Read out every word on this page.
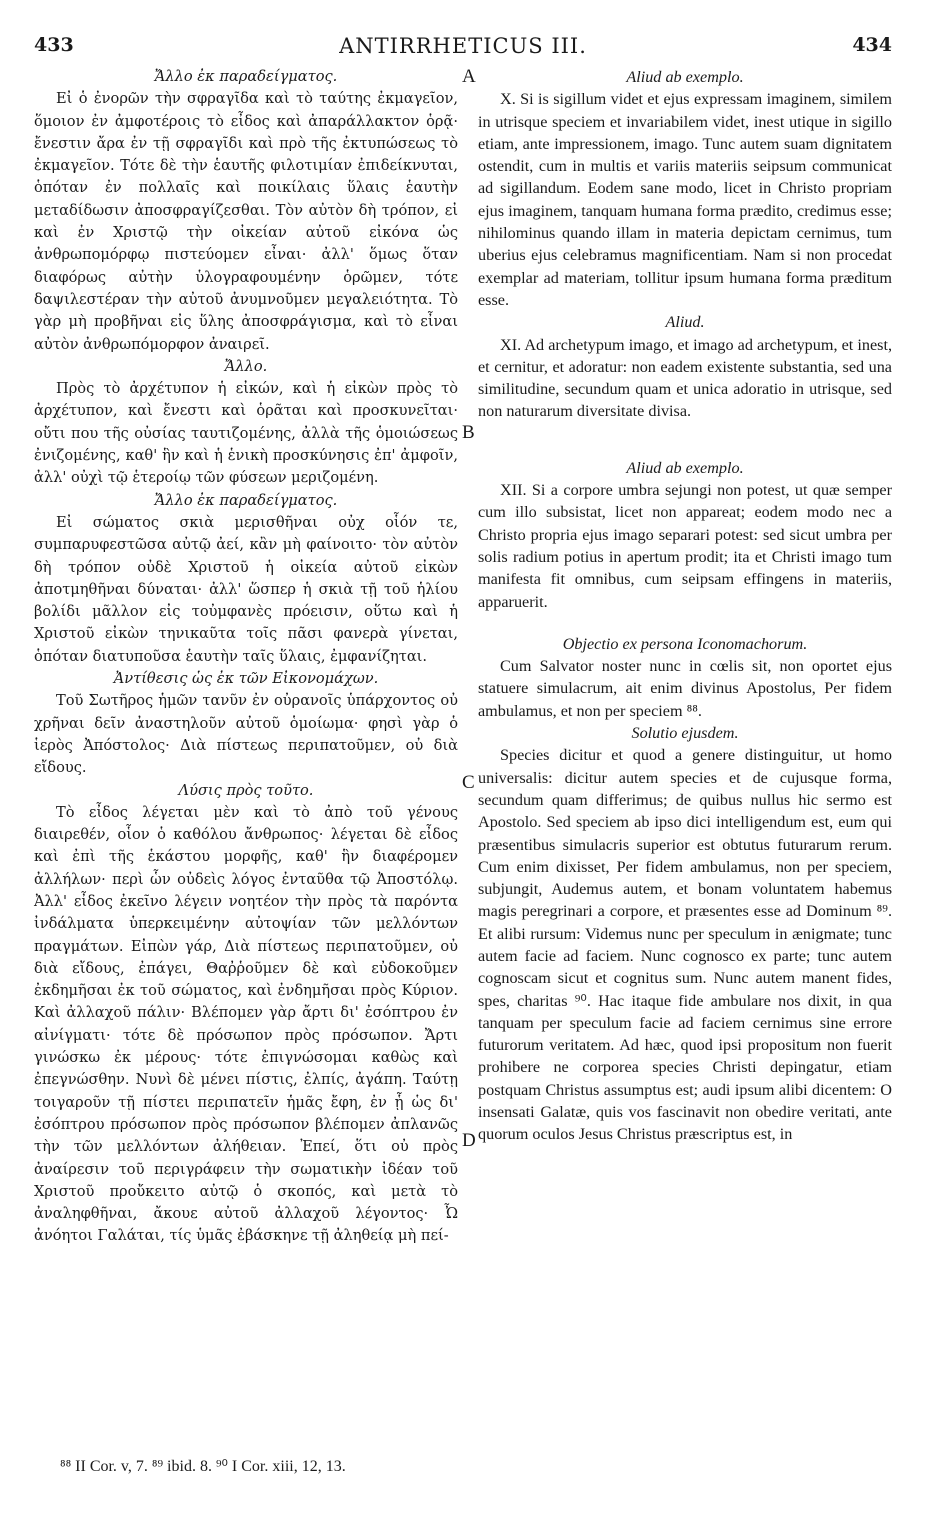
433	ANTIRRHETICUS III.	434
Ἄλλο ἐκ παραδείγματος.

Εἰ ὁ ἐνορῶν τὴν σφραγῖδα καὶ τὸ ταύτης ἐκμαγεῖον, ὅμοιον ἐν ἀμφοτέροις τὸ εἶδος καὶ ἀπαράλλακτον ὁρᾷ· ἔνεστιν ἄρα ἐν τῇ σφραγῖδι καὶ πρὸ τῆς ἐκτυπώσεως τὸ ἐκμαγεῖον. Τότε δὲ τὴν ἑαυτῆς φιλοτιμίαν ἐπιδείκνυται, ὁπόταν ἐν πολλαῖς καὶ ποικίλαις ὕλαις ἑαυτὴν μεταδίδωσιν ἀποσφραγίζεσθαι. Τὸν αὐτὸν δὴ τρόπον, εἰ καὶ ἐν Χριστῷ τὴν οἰκείαν αὐτοῦ εἰκόνα ὡς ἀνθρωπομόρφῳ πιστεύομεν εἶναι· ἀλλ' ὅμως ὅταν διαφόρως αὐτὴν ὑλογραφουμένην ὁρῶμεν, τότε δαψιλεστέραν τὴν αὐτοῦ ἀνυμνοῦμεν μεγαλειότητα. Τὸ γὰρ μὴ προβῆναι εἰς ὕλης ἀποσφράγισμα, καὶ τὸ εἶναι αὐτὸν ἀνθρωπόμορφον ἀναιρεῖ.

Ἄλλο.

Πρὸς τὸ ἀρχέτυπον ἡ εἰκών, καὶ ἡ εἰκὼν πρὸς τὸ ἀρχέτυπον, καὶ ἔνεστι καὶ ὁρᾶται καὶ προσκυνεῖται· οὔτι που τῆς οὐσίας ταυτιζομένης, ἀλλὰ τῆς ὁμοιώσεως ἐνιζομένης, καθ' ἣν καὶ ἡ ἑνικὴ προσκύνησις ἐπ' ἀμφοῖν, ἀλλ' οὐχὶ τῷ ἑτεροίῳ τῶν φύσεων μεριζομένη.

Ἄλλο ἐκ παραδείγματος.

Εἰ σώματος σκιὰ μερισθῆναι οὐχ οἷόν τε, συμπαρυφεστῶσα αὐτῷ ἀεί, κἂν μὴ φαίνοιτο· τὸν αὐτὸν δὴ τρόπον οὐδὲ Χριστοῦ ἡ οἰκεία αὐτοῦ εἰκὼν ἀποτμηθῆναι δύναται· ἀλλ' ὥσπερ ἡ σκιὰ τῇ τοῦ ἡλίου βολίδι μᾶλλον εἰς τοὐμφανὲς πρόεισιν, οὕτω καὶ ἡ Χριστοῦ εἰκὼν τηνικαῦτα τοῖς πᾶσι φανερὰ γίνεται, ὁπόταν διατυποῦσα ἑαυτὴν ταῖς ὕλαις, ἐμφανίζηται.

Ἀντίθεσις ὡς ἐκ τῶν Εἰκονομάχων.

Τοῦ Σωτῆρος ἡμῶν τανῦν ἐν οὐρανοῖς ὑπάρχοντος οὐ χρῆναι δεῖν ἀναστηλοῦν αὐτοῦ ὁμοίωμα· φησὶ γὰρ ὁ ἱερὸς Ἀπόστολος· Διὰ πίστεως περιπατοῦμεν, οὐ διὰ εἴδους.

Λύσις πρὸς τοῦτο.

Τὸ εἶδος λέγεται μὲν καὶ τὸ ἀπὸ τοῦ γένους διαιρεθέν, οἷον ὁ καθόλου ἄνθρωπος· λέγεται δὲ εἶδος καὶ ἐπὶ τῆς ἑκάστου μορφῆς, καθ' ἣν διαφέρομεν ἀλλήλων· περὶ ὧν οὐδεὶς λόγος ἐνταῦθα τῷ Ἀποστόλῳ. Ἀλλ' εἶδος ἐκεῖνο λέγειν νοητέον τὴν πρὸς τὰ παρόντα ἰνδάλματα ὑπερκειμένην αὐτοψίαν τῶν μελλόντων πραγμάτων. Εἰπὼν γάρ, Διὰ πίστεως περιπατοῦμεν, οὐ διὰ εἴδους, ἐπάγει, Θαῤῥοῦμεν δὲ καὶ εὐδοκοῦμεν ἐκδημῆσαι ἐκ τοῦ σώματος, καὶ ἐνδημῆσαι πρὸς Κύριον. Καὶ ἀλλαχοῦ πάλιν· Βλέπομεν γὰρ ἄρτι δι' ἐσόπτρου ἐν αἰνίγματι· τότε δὲ πρόσωπον πρὸς πρόσωπον. Ἄρτι γινώσκω ἐκ μέρους· τότε ἐπιγνώσομαι καθὼς καὶ ἐπεγνώσθην. Νυνὶ δὲ μένει πίστις, ἐλπίς, ἀγάπη. Ταύτῃ τοιγαροῦν τῇ πίστει περιπατεῖν ἡμᾶς ἔφη, ἐν ᾗ ὡς δι' ἐσόπτρου πρόσωπον πρὸς πρόσωπον βλέπομεν ἀπλανῶς τὴν τῶν μελλόντων ἀλήθειαν. Ἐπεί, ὅτι οὐ πρὸς ἀναίρεσιν τοῦ περιγράφειν τὴν σωματικὴν ἰδέαν τοῦ Χριστοῦ προὔκειτο αὐτῷ ὁ σκοπός, καὶ μετὰ τὸ ἀναληφθῆναι, ἄκουε αὐτοῦ ἀλλαχοῦ λέγοντος· Ὦ ἀνόητοι Γαλάται, τίς ὑμᾶς ἐβάσκηνε τῇ ἀληθείᾳ μὴ πεί-

A
B
C
D
Aliud ab exemplo.

X. Si is sigillum videt et ejus expressam imaginem, similem in utrisque speciem et invariabilem videt, inest utique in sigillo etiam, ante impressionem, imago. Tunc autem suam dignitatem ostendit, cum in multis et variis materiis seipsum communicat ad sigillandum. Eodem sane modo, licet in Christo propriam ejus imaginem, tanquam humana forma prædito, credimus esse; nihilominus quando illam in materia depictam cernimus, tum uberius ejus celebramus magnificentiam. Nam si non procedat exemplar ad materiam, tollitur ipsum humana forma præditum esse.

Aliud.

XI. Ad archetypum imago, et imago ad archetypum, et inest, et cernitur, et adoratur: non eadem existente substantia, sed una similitudine, secundum quam et unica adoratio in utrisque, sed non naturarum diversitate divisa.

Aliud ab exemplo.

XII. Si a corpore umbra sejungi non potest, ut quæ semper cum illo subsistat, licet non appareat; eodem modo nec a Christo propria ejus imago separari potest: sed sicut umbra per solis radium potius in apertum prodit; ita et Christi imago tum manifesta fit omnibus, cum seipsam effingens in materiis, apparuerit.

Objectio ex persona Iconomachorum.

Cum Salvator noster nunc in cœlis sit, non oportet ejus statuere simulacrum, ait enim divinus Apostolus, Per fidem ambulamus, et non per speciem ⁸⁸.

Solutio ejusdem.

Species dicitur et quod a genere distinguitur, ut homo universalis: dicitur autem species et de cujusque forma, secundum quam differimus; de quibus nullus hic sermo est Apostolo. Sed speciem ab ipso dici intelligendum est, eum qui præsentibus simulacris superior est obtutus futurarum rerum. Cum enim dixisset, Per fidem ambulamus, non per speciem, subjungit, Audemus autem, et bonam voluntatem habemus magis peregrinari a corpore, et præsentes esse ad Dominum ⁸⁹. Et alibi rursum: Videmus nunc per speculum in ænigmate; tunc autem facie ad faciem. Nunc cognosco ex parte; tunc autem cognoscam sicut et cognitus sum. Nunc autem manent fides, spes, charitas ⁹⁰. Hac itaque fide ambulare nos dixit, in qua tanquam per speculum facie ad faciem cernimus sine errore futurorum veritatem. Ad hæc, quod ipsi propositum non fuerit prohibere ne corporea species Christi depingatur, etiam postquam Christus assumptus est; audi ipsum alibi dicentem: O insensati Galatæ, quis vos fascinavit non obedire veritati, ante quorum oculos Jesus Christus præscriptus est, in

⁸⁸ II Cor. v, 7. ⁸⁹ ibid. 8. ⁹⁰ I Cor. xiii, 12, 13.
